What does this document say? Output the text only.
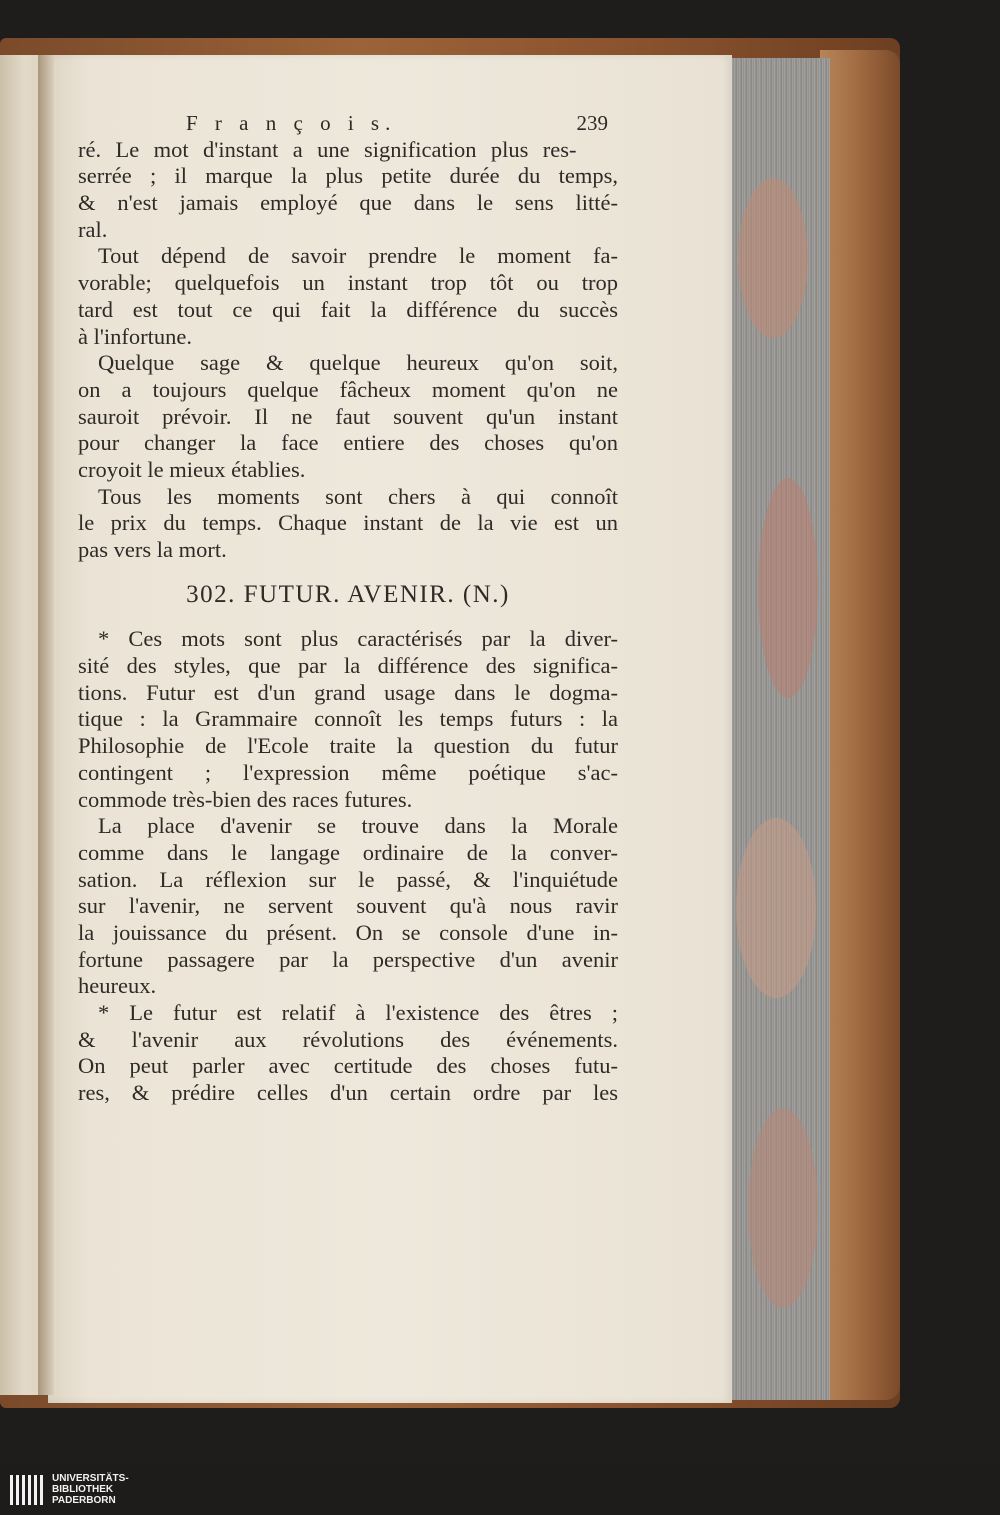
F r a n ç o i s.	239
ré. Le mot d'instant a une signification plus res-
serrée ; il marque la plus petite durée du temps,
& n'est jamais employé que dans le sens litté-
ral.
Tout dépend de savoir prendre le moment fa-
vorable; quelquefois un instant trop tôt ou trop
tard est tout ce qui fait la différence du succès
à l'infortune.
Quelque sage & quelque heureux qu'on soit,
on a toujours quelque fâcheux moment qu'on ne
sauroit prévoir. Il ne faut souvent qu'un instant
pour changer la face entiere des choses qu'on
croyoit le mieux établies.
Tous les moments sont chers à qui connoît
le prix du temps. Chaque instant de la vie est un
pas vers la mort.
302. FUTUR. AVENIR. (N.)
* Ces mots sont plus caractérisés par la diver-
sité des styles, que par la différence des significa-
tions. Futur est d'un grand usage dans le dogma-
tique : la Grammaire connoît les temps futurs : la
Philosophie de l'Ecole traite la question du futur
contingent ; l'expression même poétique s'ac-
commode très-bien des races futures.
La place d'avenir se trouve dans la Morale
comme dans le langage ordinaire de la conver-
sation. La réflexion sur le passé, & l'inquiétude
sur l'avenir, ne servent souvent qu'à nous ravir
la jouissance du présent. On se console d'une in-
fortune passagere par la perspective d'un avenir
heureux.
* Le futur est relatif à l'existence des êtres ;
& l'avenir aux révolutions des événements.
On peut parler avec certitude des choses futu-
res, & prédire celles d'un certain ordre par les
UNIVERSITÄTS-
BIBLIOTHEK
PADERBORN
